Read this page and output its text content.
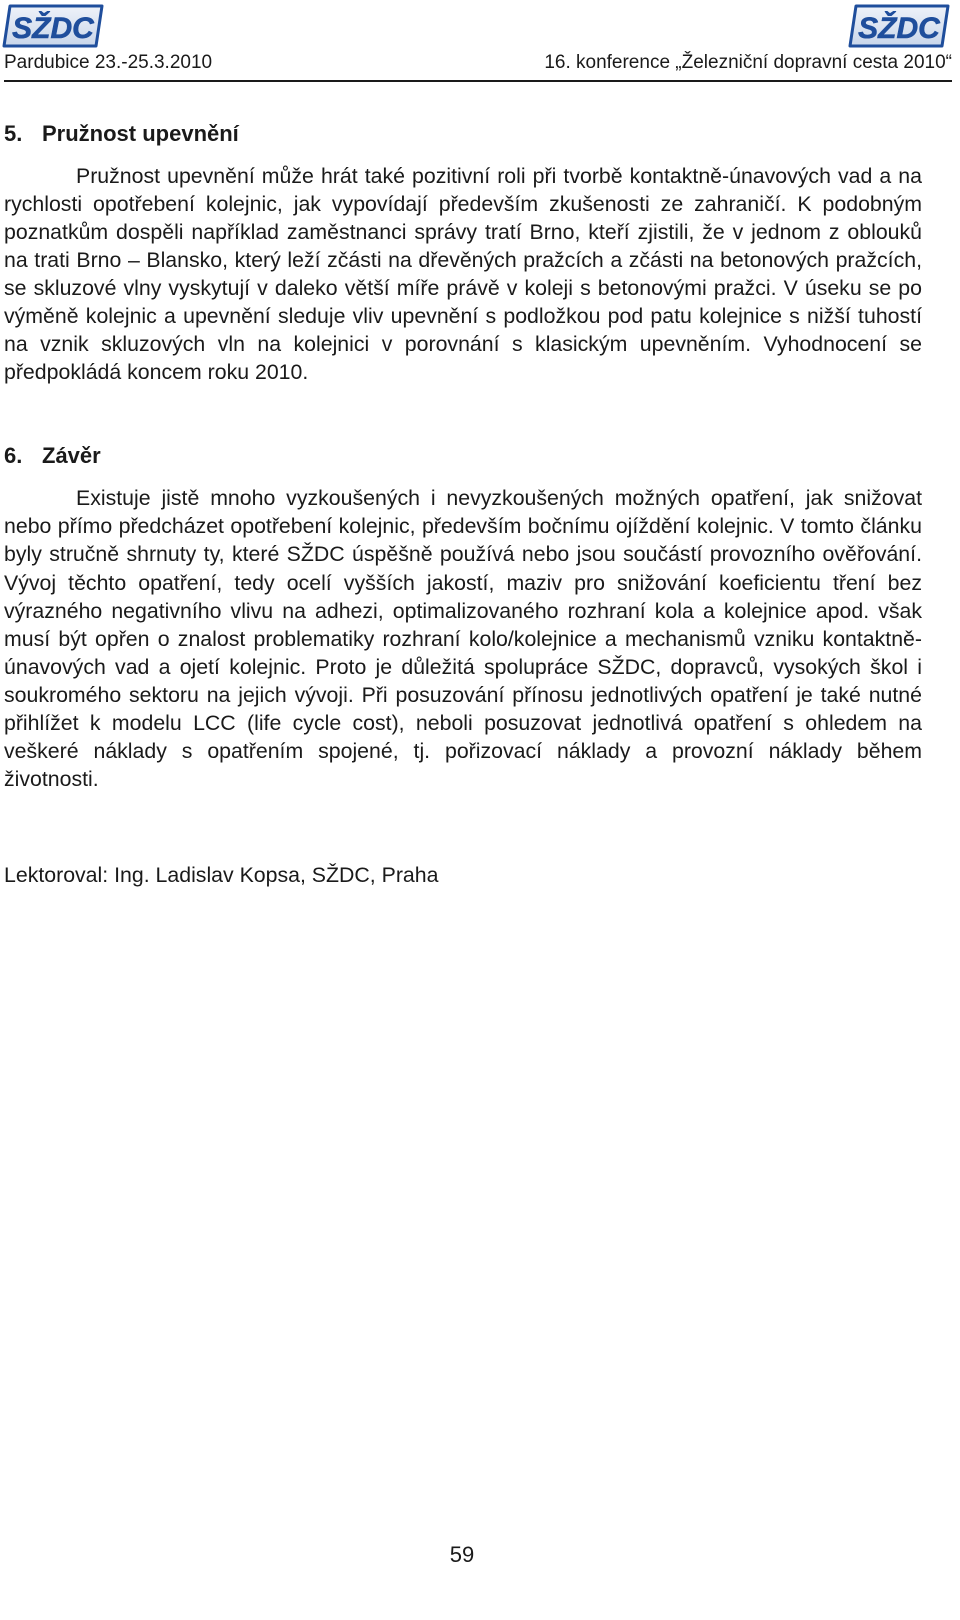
SŽDC	SŽDC
Pardubice 23.-25.3.2010	16. konference „Železniční dopravní cesta 2010“
5. Pružnost upevnění

Pružnost upevnění může hrát také pozitivní roli při tvorbě kontaktně-únavových vad a na rychlosti opotřebení kolejnic, jak vypovídají především zkušenosti ze zahraničí. K podobným poznatkům dospěli například zaměstnanci správy tratí Brno, kteří zjistili, že v jednom z oblouků na trati Brno – Blansko, který leží zčásti na dřevěných pražcích a zčásti na betonových pražcích, se skluzové vlny vyskytují v daleko větší míře právě v koleji s betonovými pražci. V úseku se po výměně kolejnic a upevnění sleduje vliv upevnění s podložkou pod patu kolejnice s nižší tuhostí na vznik skluzových vln na kolejnici v porovnání s klasickým upevněním. Vyhodnocení se předpokládá koncem roku 2010.

6. Závěr

Existuje jistě mnoho vyzkoušených i nevyzkoušených možných opatření, jak snižovat nebo přímo předcházet opotřebení kolejnic, především bočnímu ojíždění kolejnic. V tomto článku byly stručně shrnuty ty, které SŽDC úspěšně používá nebo jsou součástí provozního ověřování. Vývoj těchto opatření, tedy ocelí vyšších jakostí, maziv pro snižování koeficientu tření bez výrazného negativního vlivu na adhezi, optimalizovaného rozhraní kola a kolejnice apod. však musí být opřen o znalost problematiky rozhraní kolo/kolejnice a mechanismů vzniku kontaktně-únavových vad a ojetí kolejnic. Proto je důležitá spolupráce SŽDC, dopravců, vysokých škol i soukromého sektoru na jejich vývoji. Při posuzování přínosu jednotlivých opatření je také nutné přihlížet k modelu LCC (life cycle cost), neboli posuzovat jednotlivá opatření s ohledem na veškeré náklady s opatřením spojené, tj. pořizovací náklady a provozní náklady během životnosti.

Lektoroval: Ing. Ladislav Kopsa, SŽDC, Praha
59
